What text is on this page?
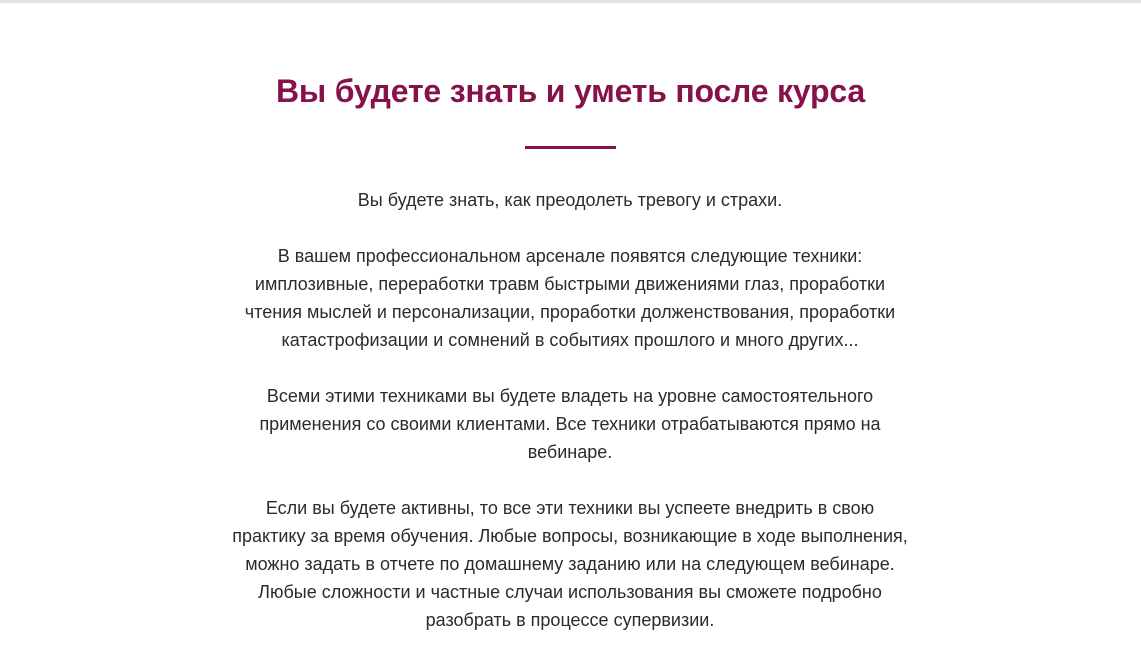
Вы будете знать и уметь после курса

Вы будете знать, как преодолеть тревогу и страхи.

В вашем профессиональном арсенале появятся следующие техники:
имплозивные, переработки травм быстрыми движениями глаз, проработки
чтения мыслей и персонализации, проработки долженствования, проработки
катастрофизации и сомнений в событиях прошлого и много других...

Всеми этими техниками вы будете владеть на уровне самостоятельного
применения со своими клиентами. Все техники отрабатываются прямо на
вебинаре.

Если вы будете активны, то все эти техники вы успеете внедрить в свою
практику за время обучения. Любые вопросы, возникающие в ходе выполнения,
можно задать в отчете по домашнему заданию или на следующем вебинаре.
Любые сложности и частные случаи использования вы сможете подробно
разобрать в процессе супервизии.
